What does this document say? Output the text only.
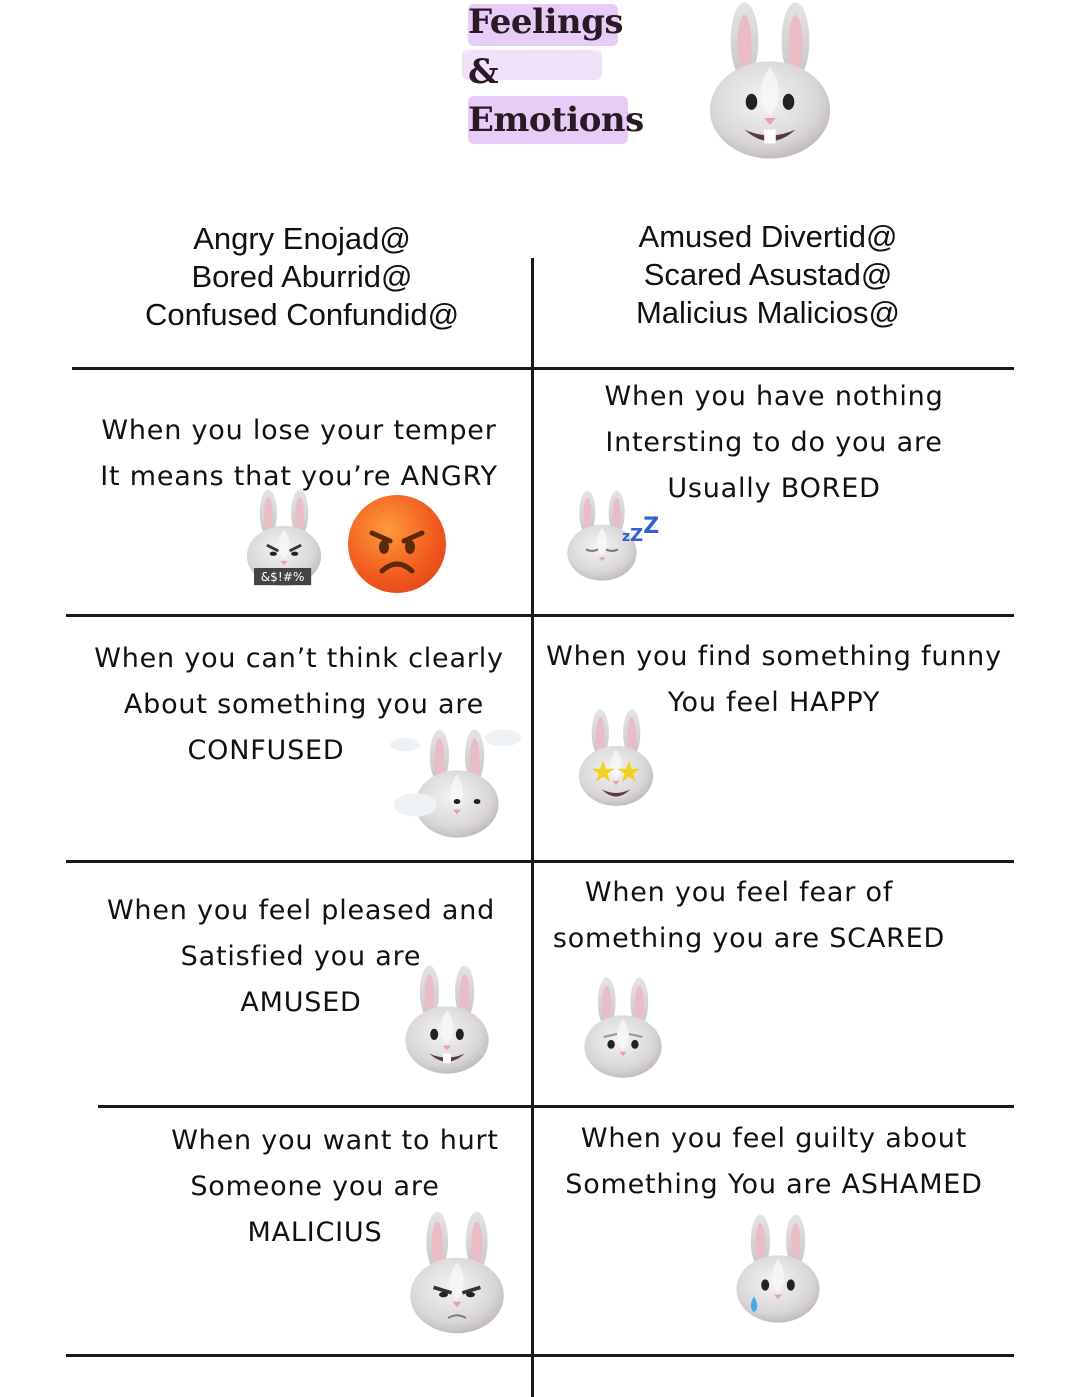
Feelings
&
Emotions
Angry Enojad@
Bored Aburrid@
Confused Confundid@
Amused Divertid@
Scared Asustad@
Malicius Malicios@
When you lose your temper
It means that you’re ANGRY
&$!#%
When you have nothing
Intersting to do you are
Usually BORED
zZZ
When you can’t think clearly
About something you are
CONFUSED
When you find something funny
You feel HAPPY
When you feel pleased and
Satisfied you are
AMUSED
When you feel fear of
something you are SCARED
When you want to hurt
Someone you are
MALICIUS
When you feel guilty about
Something You are ASHAMED
